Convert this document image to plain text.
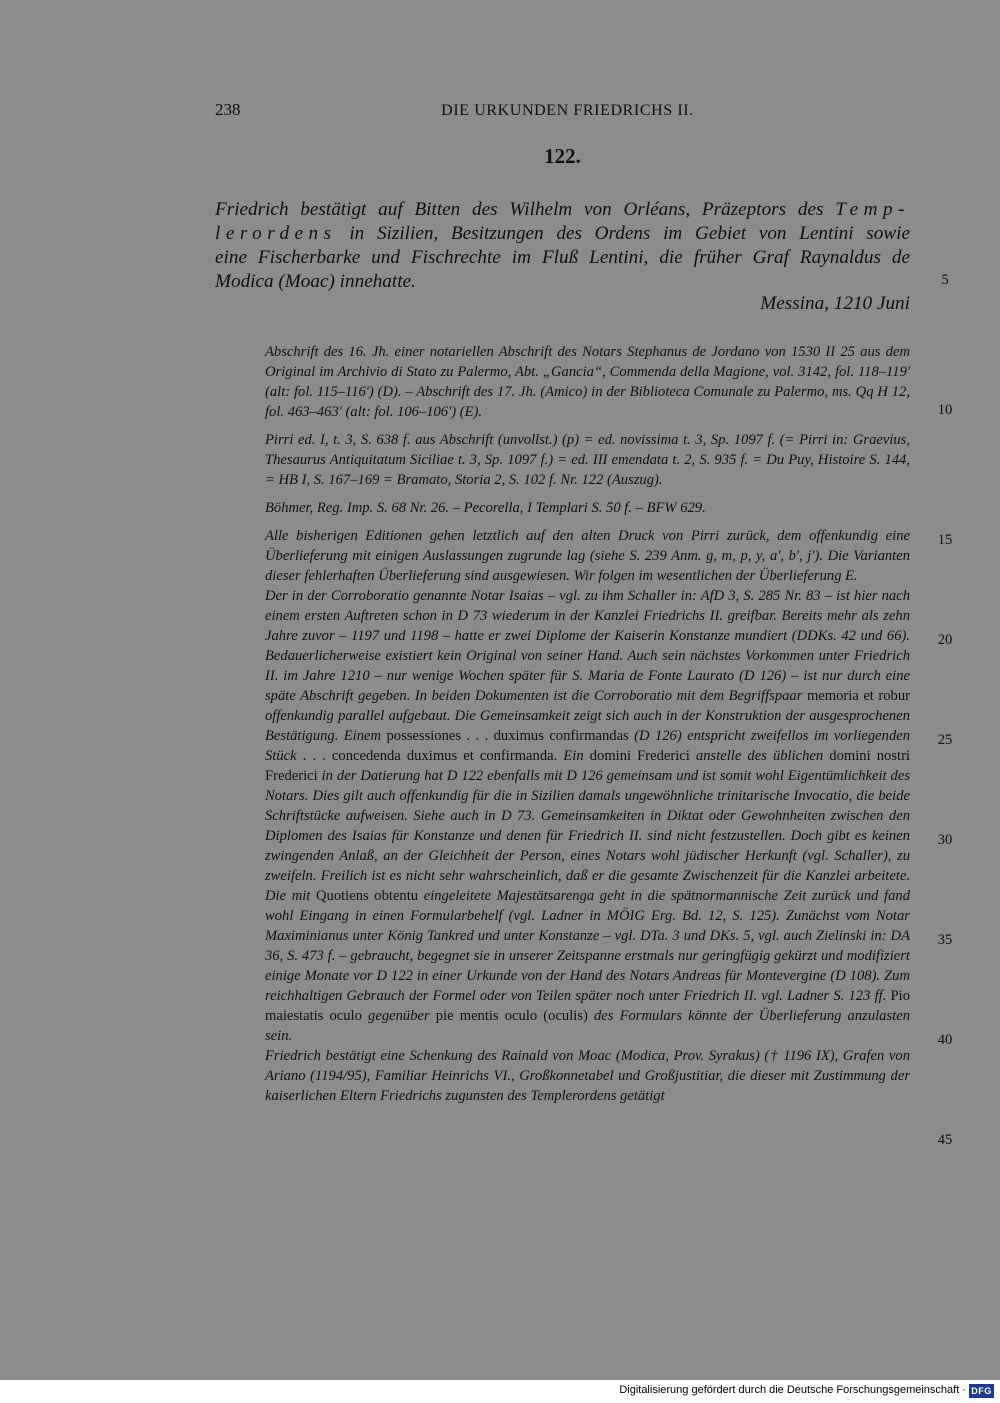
238	DIE URKUNDEN FRIEDRICHS II.
122.
Friedrich bestätigt auf Bitten des Wilhelm von Orléans, Präzeptors des Temp-
lerordens in Sizilien, Besitzungen des Ordens im Gebiet von Lentini sowie
eine Fischerbarke und Fischrechte im Fluß Lentini, die früher Graf Raynaldus de
Modica (Moac) innehatte.
Messina, 1210 Juni

Abschrift des 16. Jh. einer notariellen Abschrift des Notars Stephanus de Jordano von 1530 II 25 aus dem Original im Archivio di Stato zu Palermo, Abt. „Gancia“, Commenda della Magione, vol. 3142, fol. 118–119' (alt: fol. 115–116') (D). – Abschrift des 17. Jh. (Amico) in der Biblioteca Comunale zu Palermo, ms. Qq H 12, fol. 463–463' (alt: fol. 106–106') (E).

Pirri ed. I, t. 3, S. 638 f. aus Abschrift (unvollst.) (p) = ed. novissima t. 3, Sp. 1097 f. (= Pirri in: Graevius, Thesaurus Antiquitatum Siciliae t. 3, Sp. 1097 f.) = ed. III emendata t. 2, S. 935 f. = Du Puy, Histoire S. 144, = HB I, S. 167–169 = Bramato, Storia 2, S. 102 f. Nr. 122 (Auszug).

Böhmer, Reg. Imp. S. 68 Nr. 26. – Pecorella, I Templari S. 50 f. – BFW 629.

Alle bisherigen Editionen gehen letztlich auf den alten Druck von Pirri zurück, dem offenkundig eine Überlieferung mit einigen Auslassungen zugrunde lag (siehe S. 239 Anm. g, m, p, y, a', b', j'). Die Varianten dieser fehlerhaften Überlieferung sind ausgewiesen. Wir folgen im wesentlichen der Überlieferung E.

Der in der Corroboratio genannte Notar Isaias – vgl. zu ihm Schaller in: AfD 3, S. 285 Nr. 83 – ist hier nach einem ersten Auftreten schon in D 73 wiederum in der Kanzlei Friedrichs II. greifbar. Bereits mehr als zehn Jahre zuvor – 1197 und 1198 – hatte er zwei Diplome der Kaiserin Konstanze mundiert (DDKs. 42 und 66). Bedauerlicherweise existiert kein Original von seiner Hand. Auch sein nächstes Vorkommen unter Friedrich II. im Jahre 1210 – nur wenige Wochen später für S. Maria de Fonte Laurato (D 126) – ist nur durch eine späte Abschrift gegeben. In beiden Dokumenten ist die Corroboratio mit dem Begriffspaar memoria et robur offenkundig parallel aufgebaut. Die Gemeinsamkeit zeigt sich auch in der Konstruktion der ausgesprochenen Bestätigung. Einem possessiones . . . duximus confirmandas (D 126) entspricht zweifellos im vorliegenden Stück . . . concedenda duximus et confirmanda. Ein domini Frederici anstelle des üblichen domini nostri Frederici in der Datierung hat D 122 ebenfalls mit D 126 gemeinsam und ist somit wohl Eigentümlichkeit des Notars. Dies gilt auch offenkundig für die in Sizilien damals ungewöhnliche trinitarische Invocatio, die beide Schriftstücke aufweisen. Siehe auch in D 73. Gemeinsamkeiten in Diktat oder Gewohnheiten zwischen den Diplomen des Isaias für Konstanze und denen für Friedrich II. sind nicht festzustellen. Doch gibt es keinen zwingenden Anlaß, an der Gleichheit der Person, eines Notars wohl jüdischer Herkunft (vgl. Schaller), zu zweifeln. Freilich ist es nicht sehr wahrscheinlich, daß er die gesamte Zwischenzeit für die Kanzlei arbeitete. Die mit Quotiens obtentu eingeleitete Majestätsarenga geht in die spätnormannische Zeit zurück und fand wohl Eingang in einen Formularbehelf (vgl. Ladner in MÖIG Erg. Bd. 12, S. 125). Zunächst vom Notar Maximinianus unter König Tankred und unter Konstanze – vgl. DTa. 3 und DKs. 5, vgl. auch Zielinski in: DA 36, S. 473 f. – gebraucht, begegnet sie in unserer Zeitspanne erstmals nur geringfügig gekürzt und modifiziert einige Monate vor D 122 in einer Urkunde von der Hand des Notars Andreas für Montevergine (D 108). Zum reichhaltigen Gebrauch der Formel oder von Teilen später noch unter Friedrich II. vgl. Ladner S. 123 ff. Pio maiestatis oculo gegenüber pie mentis oculo (oculis) des Formulars könnte der Überlieferung anzulasten sein.

Friedrich bestätigt eine Schenkung des Rainald von Moac (Modica, Prov. Syrakus) († 1196 IX), Grafen von Ariano (1194/95), Familiar Heinrichs VI., Großkonnetabel und Großjustitiar, die dieser mit Zustimmung der kaiserlichen Eltern Friedrichs zugunsten des Templerordens getätigt

5
10
15
20
25
30
35
40
45
Digitalisierung gefördert durch die Deutsche Forschungsgemeinschaft · DFG
